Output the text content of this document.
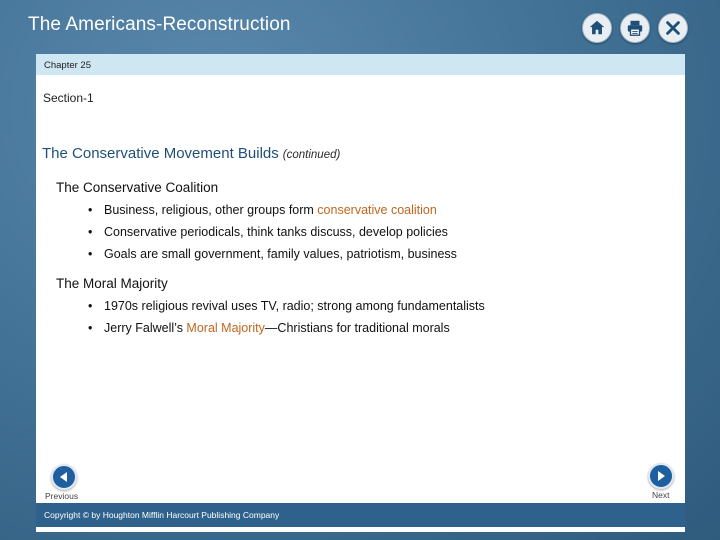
The Americans-Reconstruction
Chapter 25
Section-1
The Conservative Movement Builds (continued)
The Conservative Coalition
• Business, religious, other groups form conservative coalition
• Conservative periodicals, think tanks discuss, develop policies
• Goals are small government, family values, patriotism, business
The Moral Majority
• 1970s religious revival uses TV, radio; strong among fundamentalists
• Jerry Falwell’s Moral Majority—Christians for traditional morals
Previous	Next
Copyright © by Houghton Mifflin Harcourt Publishing Company
